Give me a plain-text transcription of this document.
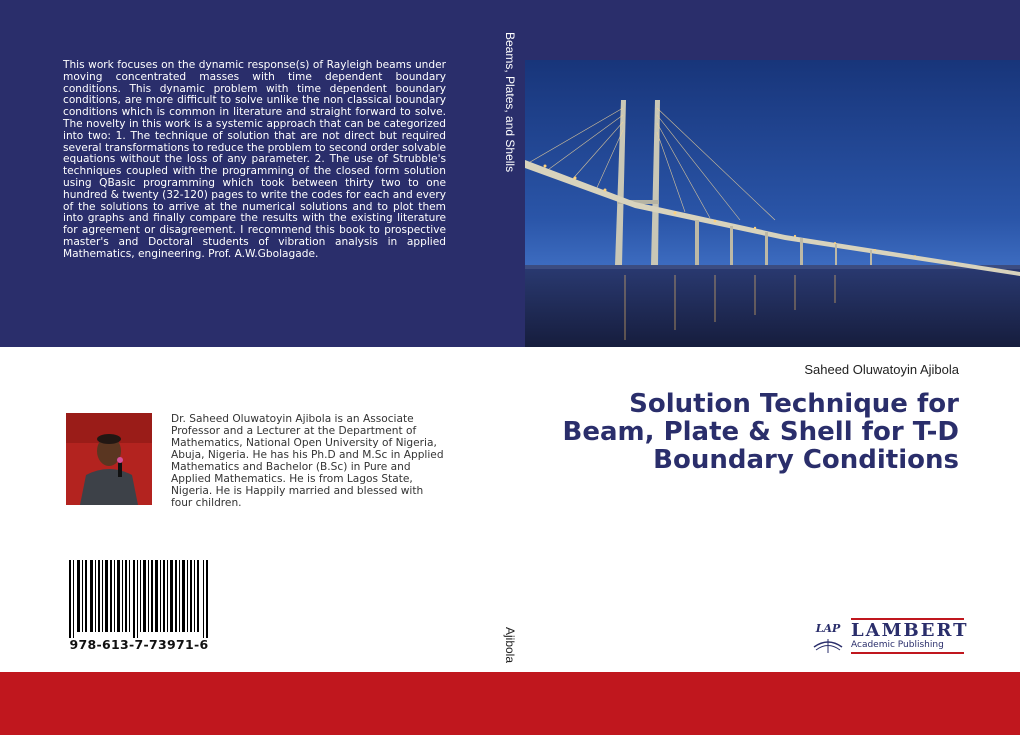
This work focuses on the dynamic response(s) of Rayleigh beams under moving concentrated masses with time dependent boundary conditions. This dynamic problem with time dependent boundary conditions, are more difficult to solve unlike the non classical boundary conditions which is common in literature and straight forward to solve. The novelty in this work is a systemic approach that can be categorized into two: 1. The technique of solution that are not direct but required several transformations to reduce the problem to second order solvable equations without the loss of any parameter. 2. The use of Strubble's techniques coupled with the programming of the closed form solution using QBasic programming which took between thirty two to one hundred & twenty (32-120) pages to write the codes for each and every of the solutions to arrive at the numerical solutions and to plot them into graphs and finally compare the results with the existing literature for agreement or disagreement. I recommend this book to prospective master's and Doctoral students of vibration analysis in applied Mathematics, engineering. Prof. A.W.Gbolagade.

Beams, Plates, and Shells

Saheed Oluwatoyin Ajibola

Solution Technique for Beam, Plate & Shell for T-D Boundary Conditions

Dr. Saheed Oluwatoyin Ajibola is an Associate Professor and a Lecturer at the Department of Mathematics, National Open University of Nigeria, Abuja, Nigeria. He has his Ph.D and M.Sc in Applied Mathematics and Bachelor (B.Sc) in Pure and Applied Mathematics. He is from Lagos State, Nigeria. He is Happily married and blessed with four children.

978-613-7-73971-6	Ajibola	LAP LAMBERT

Academic Publishing
